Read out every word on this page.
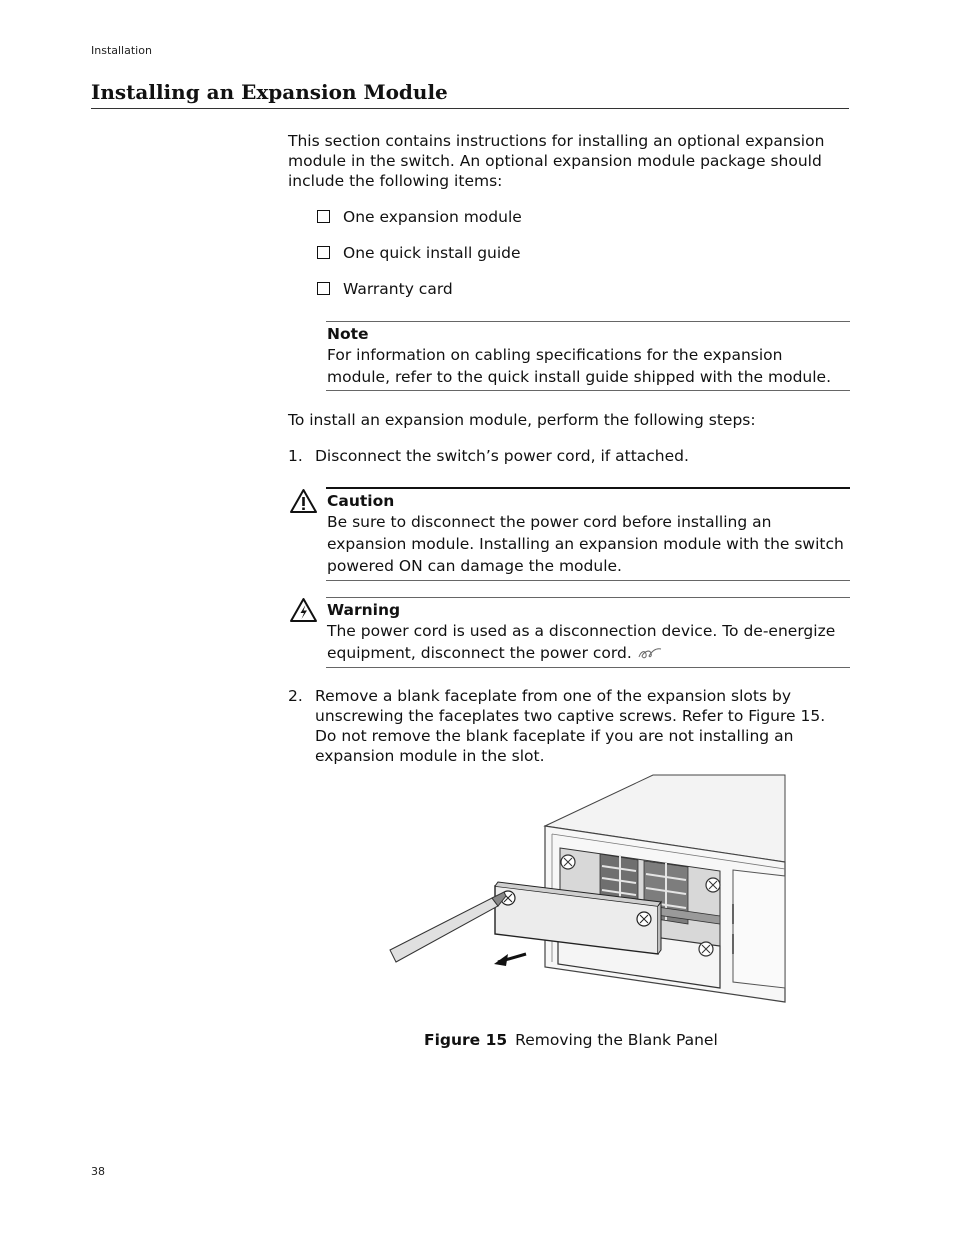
Installation
Installing an Expansion Module

This section contains instructions for installing an optional expansion module in the switch. An optional expansion module package should include the following items:

One expansion module
One quick install guide
Warranty card
Note
For information on cabling specifications for the expansion module, refer to the quick install guide shipped with the module.

To install an expansion module, perform the following steps:

1. Disconnect the switch’s power cord, if attached.
Caution
Be sure to disconnect the power cord before installing an expansion module. Installing an expansion module with the switch powered ON can damage the module.
Warning
The power cord is used as a disconnection device. To de-energize equipment, disconnect the power cord.
2. Remove a blank faceplate from one of the expansion slots by unscrewing the faceplates two captive screws. Refer to Figure 15. Do not remove the blank faceplate if you are not installing an expansion module in the slot.
Figure 15 Removing the Blank Panel
38
